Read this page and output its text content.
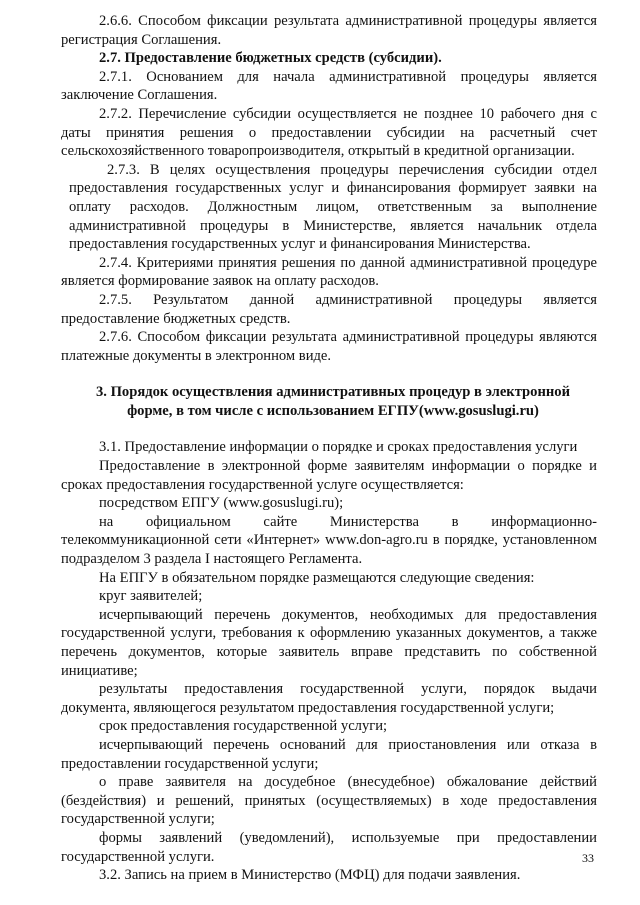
2.6.6. Способом фиксации результата административной процедуры является регистрация Соглашения.

2.7. Предоставление бюджетных средств (субсидии).

2.7.1. Основанием для начала административной процедуры является заключение Соглашения.

2.7.2. Перечисление субсидии осуществляется не позднее 10 рабочего дня с даты принятия решения о предоставлении субсидии на расчетный счет сельскохозяйственного товаропроизводителя, открытый в кредитной организации.

2.7.3. В целях осуществления процедуры перечисления субсидии отдел предоставления государственных услуг и финансирования формирует заявки на оплату расходов. Должностным лицом, ответственным за выполнение административной процедуры в Министерстве, является начальник отдела предоставления государственных услуг и финансирования Министерства.

2.7.4. Критериями принятия решения по данной административной процедуре является формирование заявок на оплату расходов.

2.7.5. Результатом данной административной процедуры является предоставление бюджетных средств.

2.7.6. Способом фиксации результата административной процедуры являются платежные документы в электронном виде.

3. Порядок осуществления административных процедур в электронной
форме, в том числе с использованием ЕГПУ(www.gosuslugi.ru)

3.1. Предоставление информации о порядке и сроках предоставления услуги

Предоставление в электронной форме заявителям информации о порядке и сроках предоставления государственной услуге осуществляется:

посредством ЕПГУ (www.gosuslugi.ru);

на официальном сайте Министерства в информационно-телекоммуникационной сети «Интернет» www.don-agro.ru в порядке, установленном подразделом 3 раздела I настоящего Регламента.

На ЕПГУ в обязательном порядке размещаются следующие сведения:

круг заявителей;

исчерпывающий перечень документов, необходимых для предоставления государственной услуги, требования к оформлению указанных документов, а также перечень документов, которые заявитель вправе представить по собственной инициативе;

результаты предоставления государственной услуги, порядок выдачи документа, являющегося результатом предоставления государственной услуги;

срок предоставления государственной услуги;

исчерпывающий перечень оснований для приостановления или отказа в предоставлении государственной услуги;

о праве заявителя на досудебное (внесудебное) обжалование действий (бездействия) и решений, принятых (осуществляемых) в ходе предоставления государственной услуги;

формы заявлений (уведомлений), используемые при предоставлении государственной услуги.

3.2. Запись на прием в Министерство (МФЦ) для подачи заявления.

33
